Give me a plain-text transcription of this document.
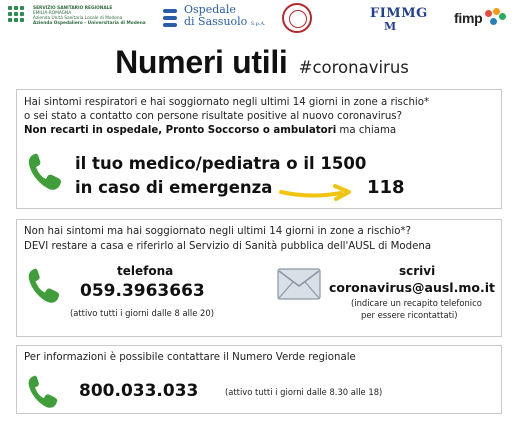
SERVIZIO SANITARIO REGIONALE
EMILIA-ROMAGNA
Azienda Unità Sanitaria Locale di Modena
Azienda Ospedaliero - Universitaria di Modena
Ospedale
di Sassuolo S.p.A.
FIMMG
M
fimp
Numeri utili #coronavirus
Hai sintomi respiratori e hai soggiornato negli ultimi 14 giorni in zone a rischio*
o sei stato a contatto con persone risultate positive al nuovo coronavirus?
Non recarti in ospedale, Pronto Soccorso o ambulatori ma chiama
il tuo medico/pediatra o il 1500
in caso di emergenza	118
Non hai sintomi ma hai soggiornato negli ultimi 14 giorni in zone a rischio*?
DEVI restare a casa e riferirlo al Servizio di Sanità pubblica dell'AUSL di Modena
telefona
059.3963663
(attivo tutti i giorni dalle 8 alle 20)
scrivi
coronavirus@ausl.mo.it
(indicare un recapito telefonico
per essere ricontattati)
Per informazioni è possibile contattare il Numero Verde regionale
800.033.033	(attivo tutti i giorni dalle 8.30 alle 18)
